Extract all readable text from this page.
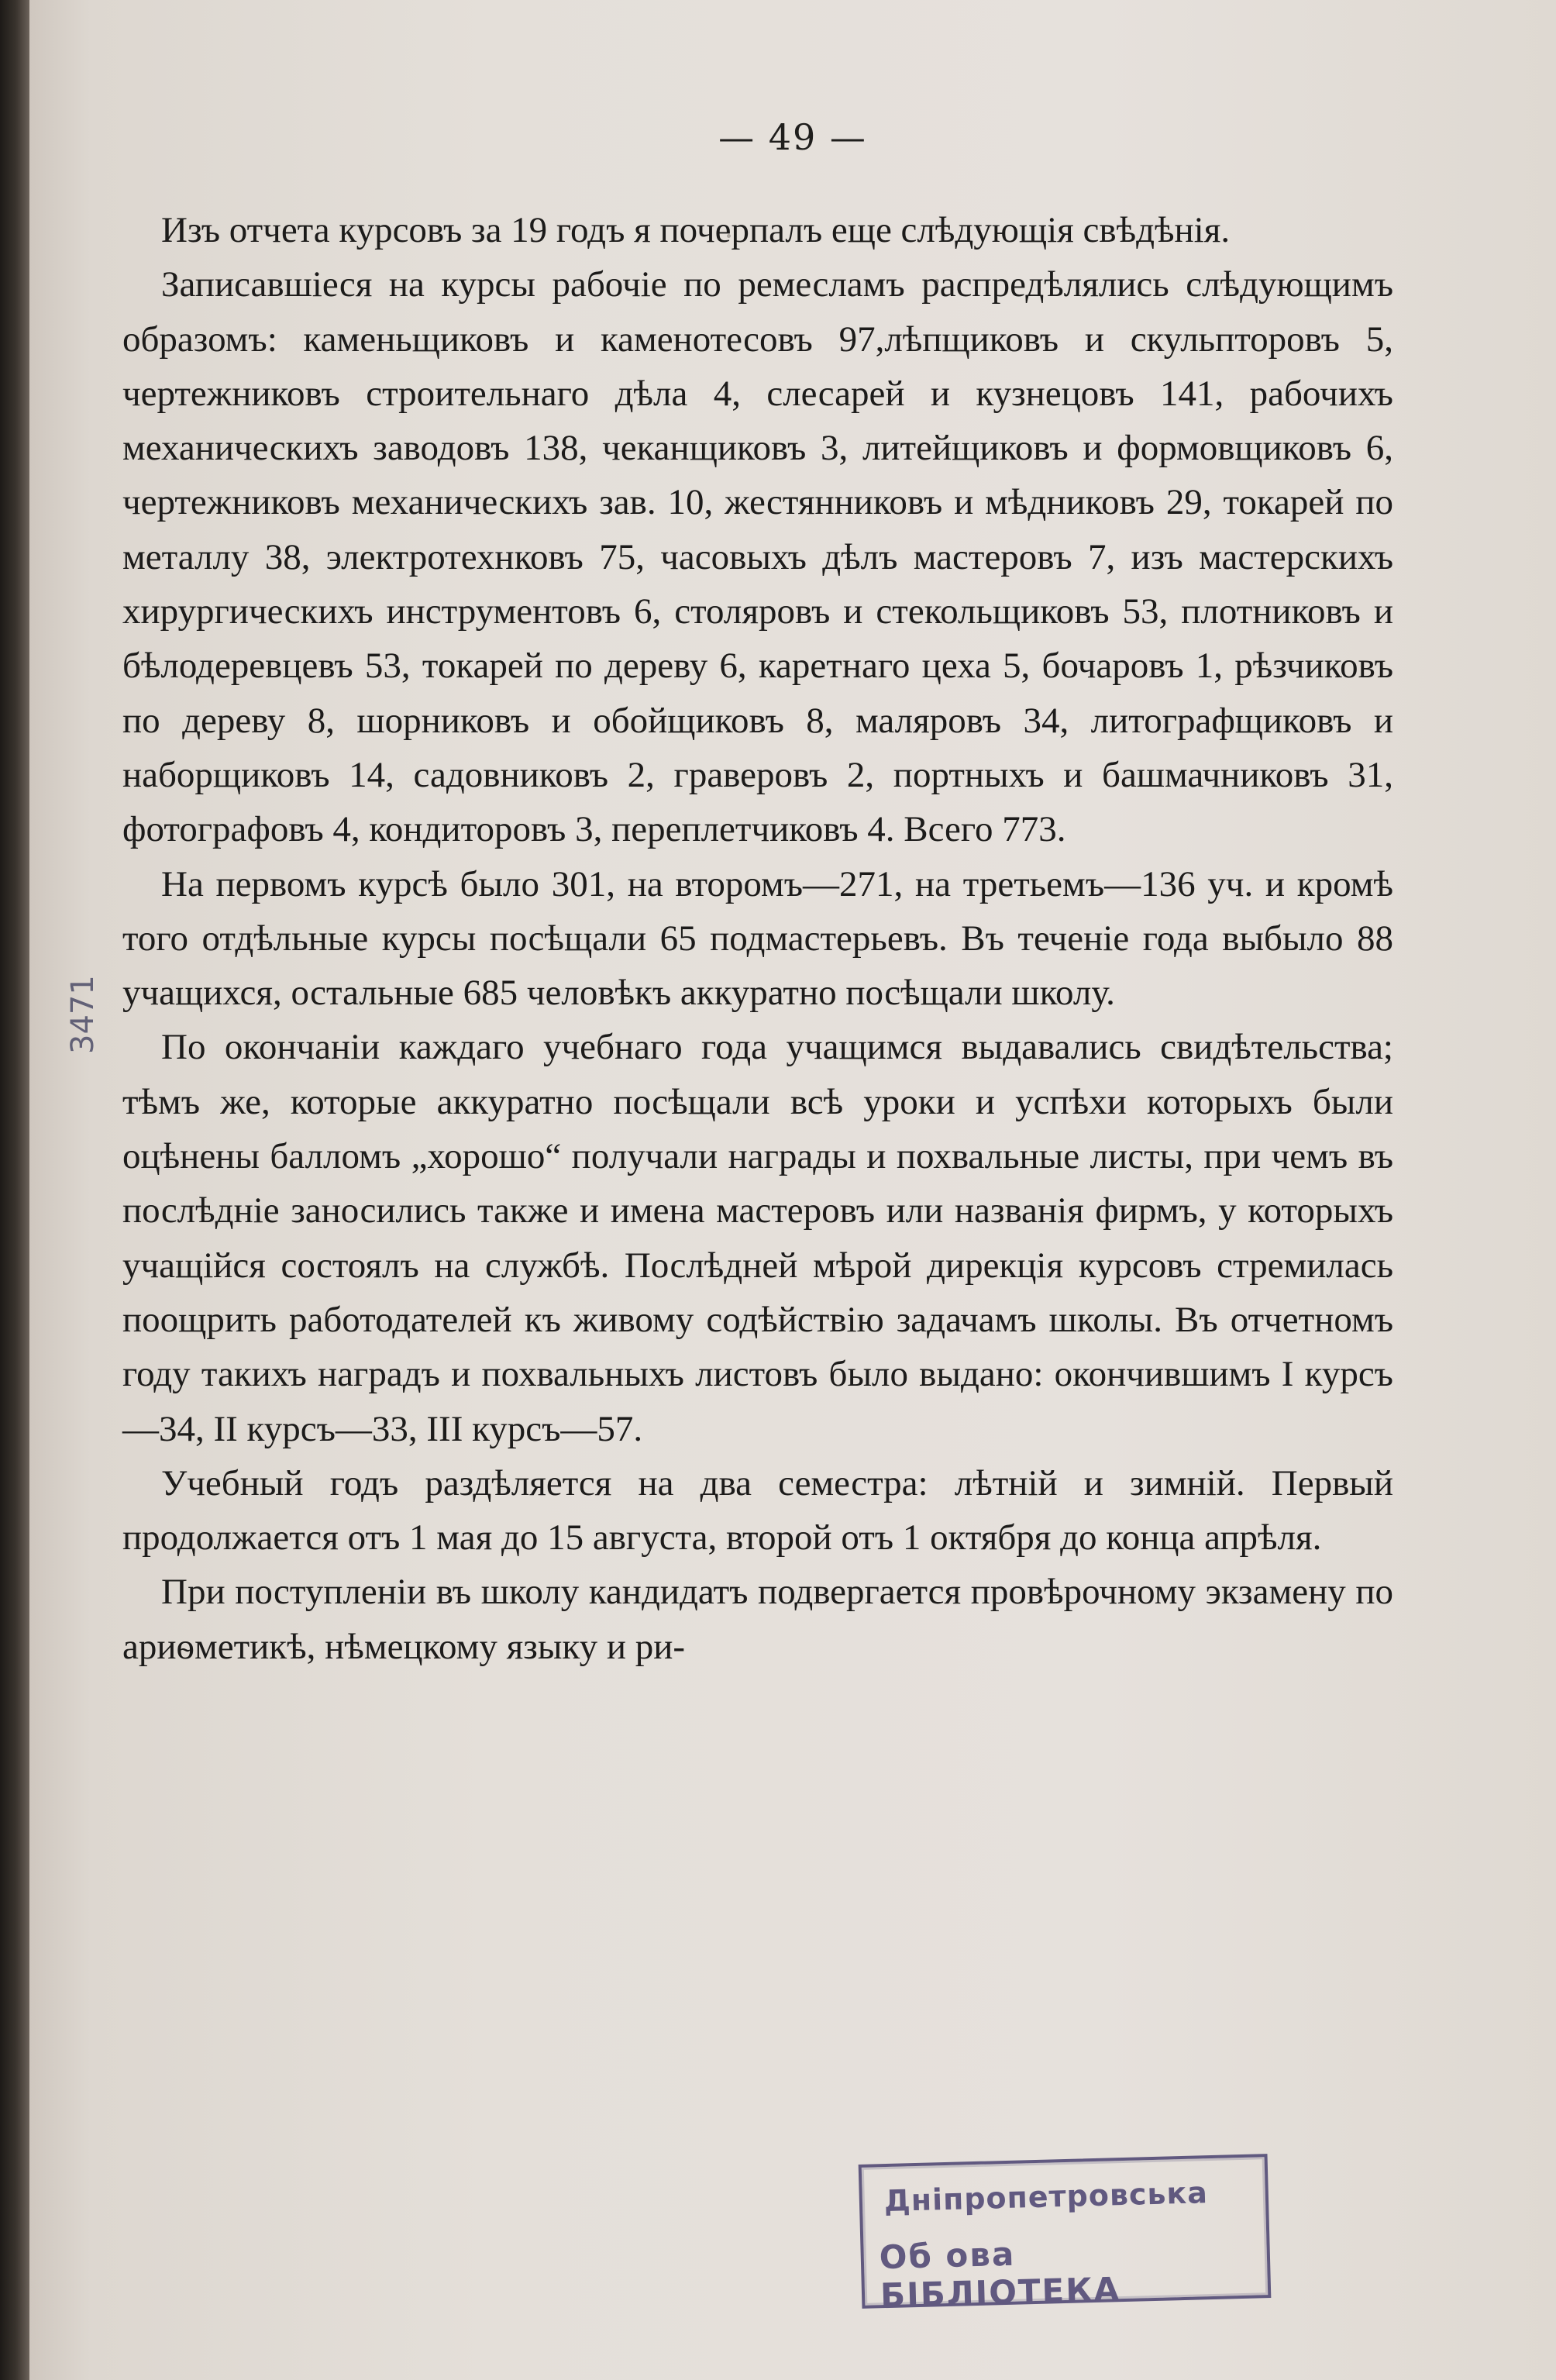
— 49 —

Изъ отчета курсовъ за 19 годъ я почерпалъ еще слѣдующія свѣдѣнія.

Записавшіеся на курсы рабочіе по ремесламъ распредѣлялись слѣдующимъ образомъ: каменьщиковъ и каменотесовъ 97,лѣпщиковъ и скульпторовъ 5, чертежниковъ строительнаго дѣла 4, слесарей и кузнецовъ 141, рабочихъ механическихъ заводовъ 138, чеканщиковъ 3, литейщиковъ и формовщиковъ 6, чертежниковъ механическихъ зав. 10, жестянниковъ и мѣдниковъ 29, токарей по металлу 38, электротехнковъ 75, часовыхъ дѣлъ мастеровъ 7, изъ мастерскихъ хирургическихъ инструментовъ 6, столяровъ и стекольщиковъ 53, плотниковъ и бѣлодеревцевъ 53, токарей по дереву 6, каретнаго цеха 5, бочаровъ 1, рѣзчиковъ по дереву 8, шорниковъ и обойщиковъ 8, маляровъ 34, литографщиковъ и наборщиковъ 14, садовниковъ 2, граверовъ 2, портныхъ и башмачниковъ 31, фотографовъ 4, кондиторовъ 3, переплетчиковъ 4. Всего 773.

На первомъ курсѣ было 301, на второмъ—271, на третьемъ—136 уч. и кромѣ того отдѣльные курсы посѣщали 65 подмастерьевъ. Въ теченіе года выбыло 88 учащихся, остальные 685 человѣкъ аккуратно посѣщали школу.

По окончаніи каждаго учебнаго года учащимся выдавались свидѣтельства; тѣмъ же, которые аккуратно посѣщали всѣ уроки и успѣхи которыхъ были оцѣнены балломъ „хорошо“ получали награды и похвальные листы, при чемъ въ послѣдніе заносились также и имена мастеровъ или названія фирмъ, у которыхъ учащійся состоялъ на службѣ. Послѣдней мѣрой дирекція курсовъ стремилась поощрить работодателей къ живому содѣйствію задачамъ школы. Въ отчетномъ году такихъ наградъ и похвальныхъ листовъ было выдано: окончившимъ I курсъ—34, II курсъ—33, III курсъ—57.

Учебный годъ раздѣляется на два семестра: лѣтній и зимній. Первый продолжается отъ 1 мая до 15 августа, второй отъ 1 октября до конца апрѣля.

При поступленіи въ школу кандидатъ подвергается провѣрочному экзамену по ариѳметикѣ, нѣмецкому языку и ри-

3471
Дніпропетровська
Об ова БІБЛІОТЕКА
